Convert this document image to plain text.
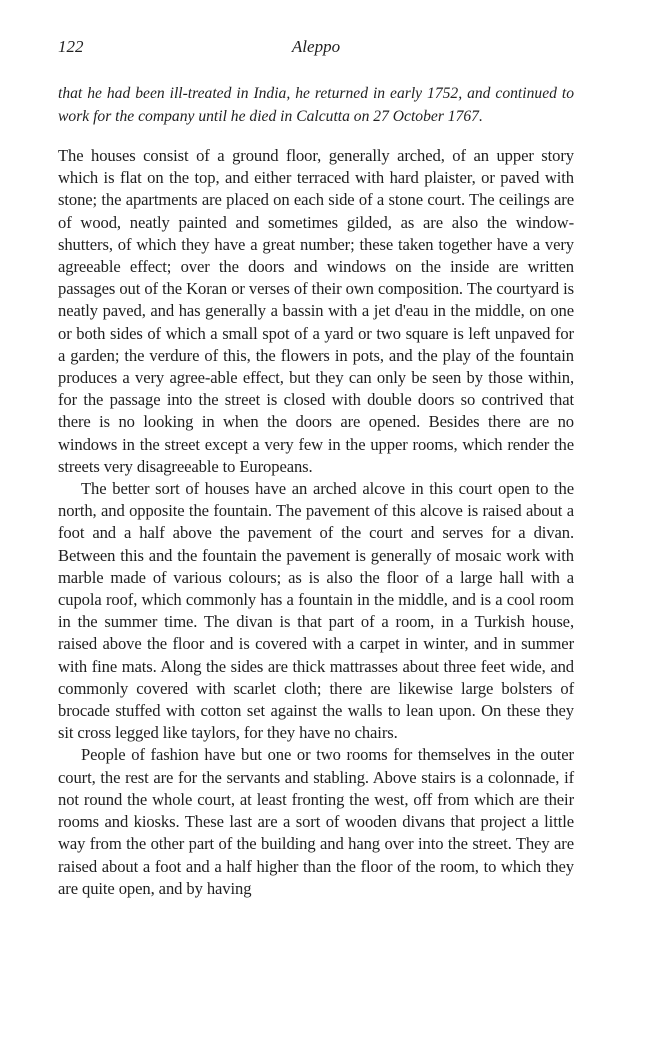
122	Aleppo

that he had been ill-treated in India, he returned in early 1752, and continued to work for the company until he died in Calcutta on 27 October 1767.

The houses consist of a ground floor, generally arched, of an upper story which is flat on the top, and either terraced with hard plaister, or paved with stone; the apartments are placed on each side of a stone court. The ceilings are of wood, neatly painted and sometimes gilded, as are also the window-shutters, of which they have a great number; these taken together have a very agreeable effect; over the doors and windows on the inside are written passages out of the Koran or verses of their own composition. The courtyard is neatly paved, and has generally a bassin with a jet d'eau in the middle, on one or both sides of which a small spot of a yard or two square is left unpaved for a garden; the verdure of this, the flowers in pots, and the play of the fountain produces a very agree-able effect, but they can only be seen by those within, for the passage into the street is closed with double doors so contrived that there is no looking in when the doors are opened. Besides there are no windows in the street except a very few in the upper rooms, which render the streets very disagreeable to Europeans.

The better sort of houses have an arched alcove in this court open to the north, and opposite the fountain. The pavement of this alcove is raised about a foot and a half above the pavement of the court and serves for a divan. Between this and the fountain the pavement is generally of mosaic work with marble made of various colours; as is also the floor of a large hall with a cupola roof, which commonly has a fountain in the middle, and is a cool room in the summer time. The divan is that part of a room, in a Turkish house, raised above the floor and is covered with a carpet in winter, and in summer with fine mats. Along the sides are thick mattrasses about three feet wide, and commonly covered with scarlet cloth; there are likewise large bolsters of brocade stuffed with cotton set against the walls to lean upon. On these they sit cross legged like taylors, for they have no chairs.

People of fashion have but one or two rooms for themselves in the outer court, the rest are for the servants and stabling. Above stairs is a colonnade, if not round the whole court, at least fronting the west, off from which are their rooms and kiosks. These last are a sort of wooden divans that project a little way from the other part of the building and hang over into the street. They are raised about a foot and a half higher than the floor of the room, to which they are quite open, and by having
